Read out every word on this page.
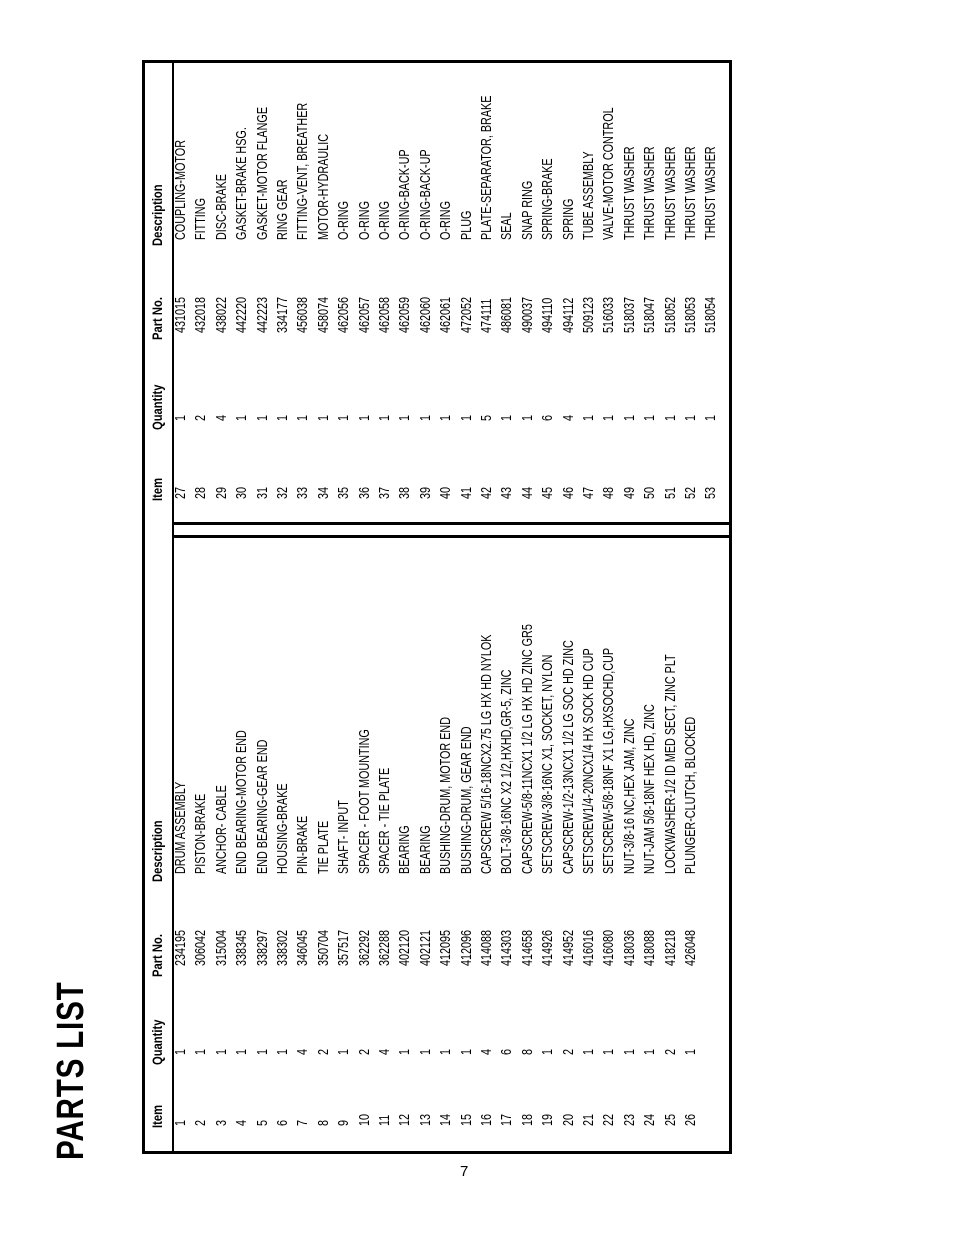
PARTS LIST	Item
Quantity
Part No.
Description
Item
Quantity
Part No.
Description
1
1
234195
DRUM ASSEMBLY
2
1
306042
PISTON-BRAKE
3
1
315004
ANCHOR- CABLE
4
1
338345
END BEARING-MOTOR END
5
1
338297
END BEARING-GEAR END
6
1
338302
HOUSING-BRAKE
7
4
346045
PIN-BRAKE
8
2
350704
TIE PLATE
9
1
357517
SHAFT- INPUT
10
2
362292
SPACER - FOOT MOUNTING
11
4
362288
SPACER - TIE PLATE
12
1
402120
BEARING
13
1
402121
BEARING
14
1
412095
BUSHING-DRUM, MOTOR END
15
1
412096
BUSHING-DRUM, GEAR END
16
4
414088
CAPSCREW 5/16-18NCX2.75 LG HX HD NYLOK
17
6
414303
BOLT-3/8-16NC X2 1/2,HXHD,GR-5, ZINC
18
8
414658
CAPSCREW-5/8-11NCX1 1/2 LG HX HD ZINC GR5
19
1
414926
SETSCREW-3/8-16NC X1, SOCKET, NYLON
20
2
414952
CAPSCREW-1/2-13NCX1 1/2 LG SOC HD ZINC
21
1
416016
SETSCREW1/4-20NCX1/4 HX SOCK HD CUP
22
1
416080
SETSCREW-5/8-18NF X1 LG,HXSOCHD,CUP
23
1
418036
NUT-3/8-16 NC,HEX JAM, ZINC
24
1
418088
NUT-JAM 5/8-18NF HEX HD, ZINC
25
2
418218
LOCKWASHER-1/2 ID MED SECT, ZINC PLT
26
1
426048
PLUNGER-CLUTCH, BLOCKED
27
1
431015
COUPLING-MOTOR
28
2
432018
FITTING
29
4
438022
DISC-BRAKE
30
1
442220
GASKET-BRAKE HSG.
31
1
442223
GASKET-MOTOR FLANGE
32
1
334177
RING GEAR
33
1
456038
FITTING-VENT, BREATHER
34
1
458074
MOTOR-HYDRAULIC
35
1
462056
O-RING
36
1
462057
O-RING
37
1
462058
O-RING
38
1
462059
O-RING-BACK-UP
39
1
462060
O-RING-BACK-UP
40
1
462061
O-RING
41
1
472052
PLUG
42
5
474111
PLATE-SEPARATOR, BRAKE
43
1
486081
SEAL
44
1
490037
SNAP RING
45
6
494110
SPRING-BRAKE
46
4
494112
SPRING
47
1
509123
TUBE ASSEMBLY
48
1
516033
VALVE-MOTOR CONTROL
49
1
518037
THRUST WASHER
50
1
518047
THRUST WASHER
51
1
518052
THRUST WASHER
52
1
518053
THRUST WASHER
53
1
518054
THRUST WASHER
7
